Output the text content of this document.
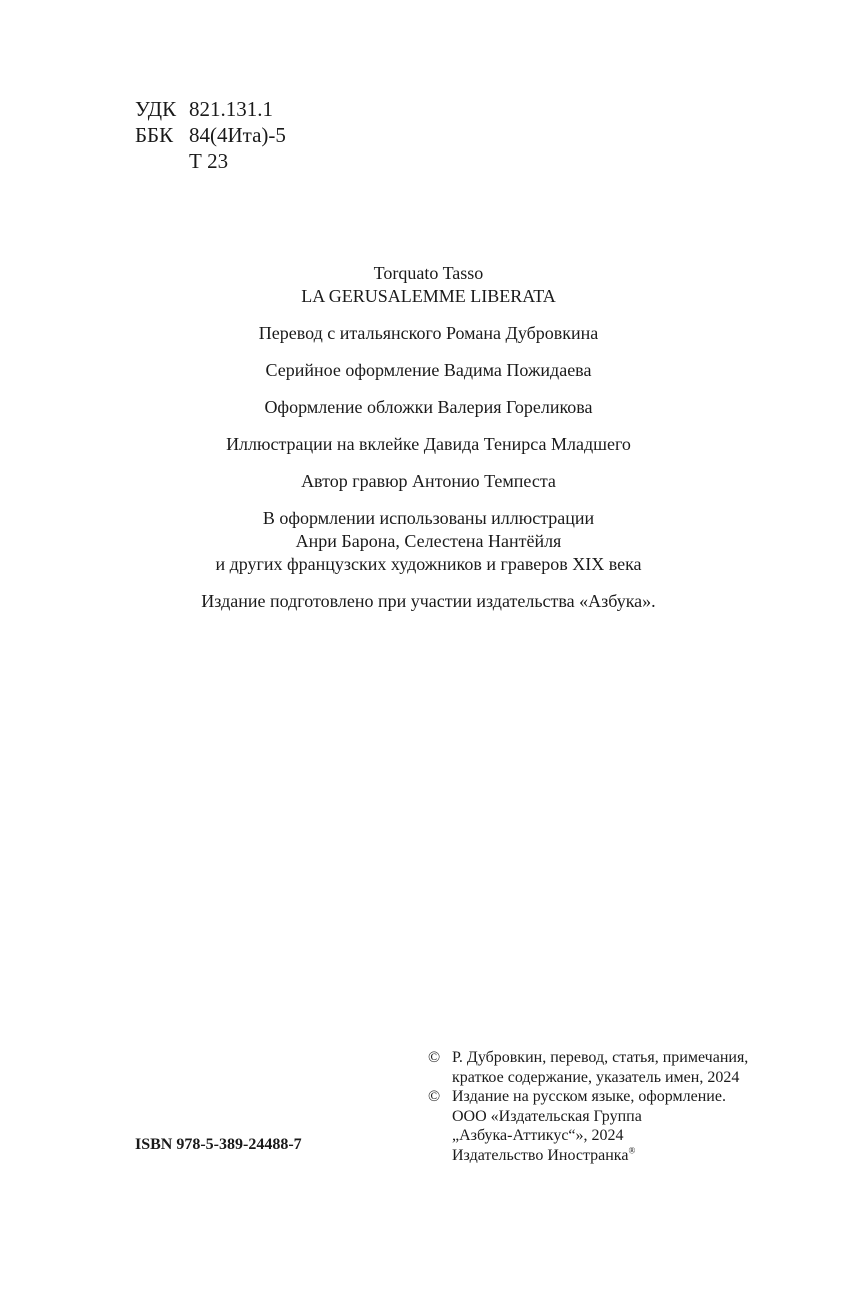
УДК 821.131.1
ББК 84(4Ита)-5
Т 23

Torquato Tasso

LA GERUSALEMME LIBERATA

Перевод с итальянского Романа Дубровкина

Серийное оформление Вадима Пожидаева

Оформление обложки Валерия Гореликова

Иллюстрации на вклейке Давида Тенирса Младшего

Автор гравюр Антонио Темпеста

В оформлении использованы иллюстрации

Анри Барона, Селестена Нантёйля

и других французских художников и граверов XIX века

Издание подготовлено при участии издательства «Азбука».

ISBN 978-5-389-24488-7
© Р. Дубровкин, перевод, статья, примечания,

краткое содержание, указатель имен, 2024

© Издание на русском языке, оформление.

ООО «Издательская Группа

„Азбука-Аттикус“», 2024

Издательство Иностранка®
